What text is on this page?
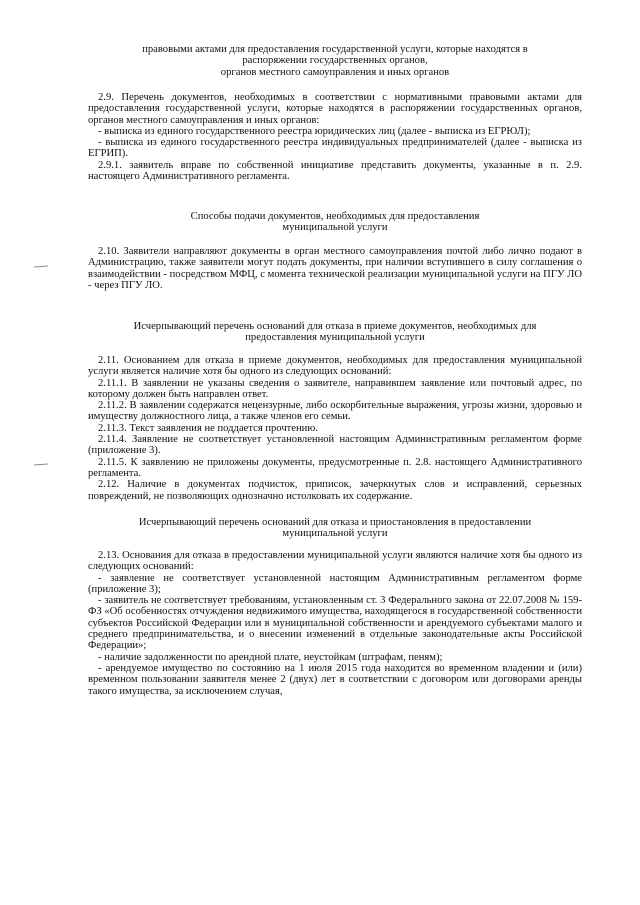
правовыми актами для предоставления государственной услуги, которые находятся в
распоряжении государственных органов,
органов местного самоуправления и иных органов

2.9. Перечень документов, необходимых в соответствии с нормативными правовыми актами для предоставления государственной услуги, которые находятся в распоряжении государственных органов, органов местного самоуправления и иных органов:

- выписка из единого государственного реестра юридических лиц (далее - выписка из ЕГРЮЛ);

- выписка из единого государственного реестра индивидуальных предпринимателей (далее - выписка из ЕГРИП).

2.9.1. заявитель вправе по собственной инициативе представить документы, указанные в п. 2.9. настоящего Административного регламента.

Способы подачи документов, необходимых для предоставления
муниципальной услуги

2.10. Заявители направляют документы в орган местного самоуправления почтой либо лично подают в Администрацию, также заявители могут подать документы, при наличии вступившего в силу соглашения о взаимодействии - посредством МФЦ, с момента технической реализации муниципальной услуги на ПГУ ЛО - через ПГУ ЛО.

Исчерпывающий перечень оснований для отказа в приеме документов, необходимых для
предоставления муниципальной услуги

2.11. Основанием для отказа в приеме документов, необходимых для предоставления муниципальной услуги является наличие хотя бы одного из следующих оснований:

2.11.1. В заявлении не указаны сведения о заявителе, направившем заявление или почтовый адрес, по которому должен быть направлен ответ.

2.11.2. В заявлении содержатся нецензурные, либо оскорбительные выражения, угрозы жизни, здоровью и имуществу должностного лица, а также членов его семьи.

2.11.3. Текст заявления не поддается прочтению.

2.11.4. Заявление не соответствует установленной настоящим Административным регламентом форме (приложение 3).

2.11.5. К заявлению не приложены документы, предусмотренные п. 2.8. настоящего Административного регламента.

2.12. Наличие в документах подчисток, приписок, зачеркнутых слов и исправлений, серьезных повреждений, не позволяющих однозначно истолковать их содержание.

Исчерпывающий перечень оснований для отказа и приостановления в предоставлении
муниципальной услуги

2.13. Основания для отказа в предоставлении муниципальной услуги являются наличие хотя бы одного из следующих оснований:

- заявление не соответствует установленной настоящим Административным регламентом форме (приложение 3);

- заявитель не соответствует требованиям, установленным ст. 3 Федерального закона от 22.07.2008 № 159-ФЗ «Об особенностях отчуждения недвижимого имущества, находящегося в государственной собственности субъектов Российской Федерации или в муниципальной собственности и арендуемого субъектами малого и среднего предпринимательства, и о внесении изменений в отдельные законодательные акты Российской Федерации»;

- наличие задолженности по арендной плате, неустойкам (штрафам, пеням);

- арендуемое имущество по состоянию на 1 июля 2015 года находится во временном владении и (или) временном пользовании заявителя менее 2 (двух) лет в соответствии с договором или договорами аренды такого имущества, за исключением случая,
